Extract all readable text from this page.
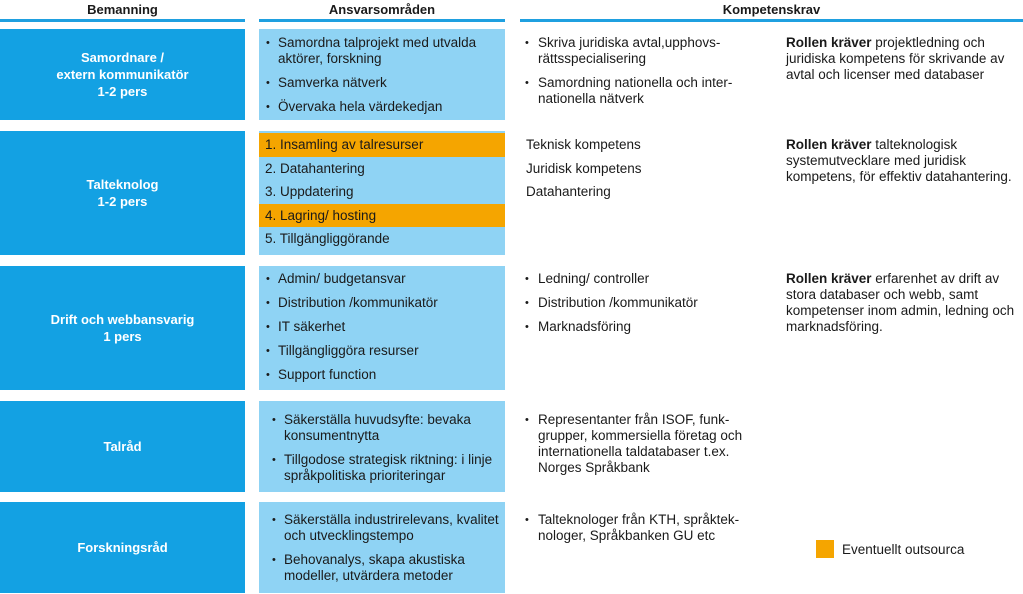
Bemanning	Ansvarsområden	Kompetenskrav
Samordnare /
extern kommunikatör
1-2 pers
• Samordna talprojekt med utvalda aktörer, forskning
• Samverka nätverk
• Övervaka hela värdekedjan
• Skriva juridiska avtal,upphovs-rättsspecialisering
• Samordning nationella och inter-nationella nätverk
Rollen kräver projektledning och juridiska kompetens för skrivande av avtal och licenser med databaser
Talteknolog
1-2 pers
1. Insamling av talresurser
2. Datahantering
3. Uppdatering
4. Lagring/ hosting
5. Tillgängliggörande
Teknisk kompetens
Juridisk kompetens
Datahantering
Rollen kräver talteknologisk systemutvecklare med juridisk kompetens, för effektiv datahantering.
Drift och webbansvarig
1 pers
• Admin/ budgetansvar
• Distribution /kommunikatör
• IT säkerhet
• Tillgängliggöra resurser
• Support function
• Ledning/ controller
• Distribution /kommunikatör
• Marknadsföring
Rollen kräver erfarenhet av drift av stora databaser och webb, samt kompetenser inom admin, ledning och marknadsföring.
Talråd
• Säkerställa huvudsyfte: bevaka konsumentnytta
• Tillgodose strategisk riktning: i linje språkpolitiska prioriteringar
• Representanter från ISOF, funk-grupper, kommersiella företag och internationella taldatabaser t.ex. Norges Språkbank
Forskningsråd
• Säkerställa industrirelevans, kvalitet och utvecklingstempo
• Behovanalys, skapa akustiska modeller, utvärdera metoder
• Talteknologer från KTH, språktek-nologer, Språkbanken GU etc
Eventuellt outsourca
